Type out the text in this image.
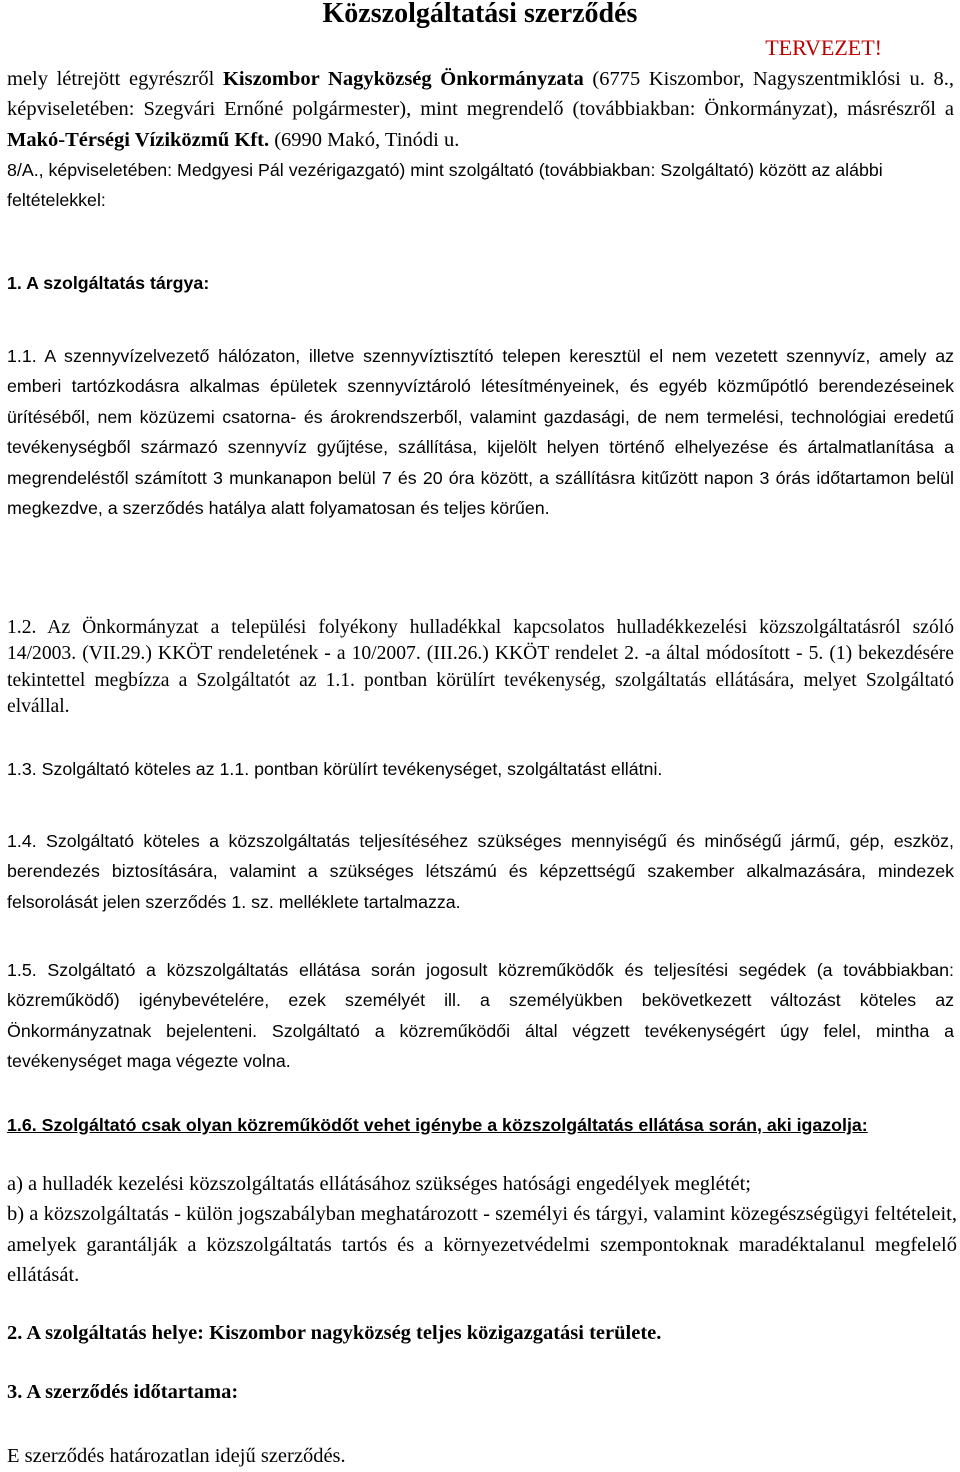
Közszolgáltatási szerződés
TERVEZET!
mely létrejött egyrészről Kiszombor Nagyközség Önkormányzata (6775 Kiszombor, Nagyszentmiklósi u. 8., képviseletében: Szegvári Ernőné polgármester), mint megrendelő (továbbiakban: Önkormányzat), másrészről a Makó-Térségi Víziközmű Kft. (6990 Makó, Tinódi u.
8/A., képviseletében: Medgyesi Pál vezérigazgató) mint szolgáltató (továbbiakban: Szolgáltató) között az alábbi feltételekkel:
1. A szolgáltatás tárgya:
1.1. A szennyvízelvezető hálózaton, illetve szennyvíztisztító telepen keresztül el nem vezetett szennyvíz, amely az emberi tartózkodásra alkalmas épületek szennyvíztároló létesítményeinek, és egyéb közműpótló berendezéseinek ürítéséből, nem közüzemi csatorna- és árokrendszerből, valamint gazdasági, de nem termelési, technológiai eredetű tevékenységből származó szennyvíz gyűjtése, szállítása, kijelölt helyen történő elhelyezése és ártalmatlanítása a megrendeléstől számított 3 munkanapon belül 7 és 20 óra között, a szállításra kitűzött napon 3 órás időtartamon belül megkezdve, a szerződés hatálya alatt folyamatosan és teljes körűen.
1.2. Az Önkormányzat a települési folyékony hulladékkal kapcsolatos hulladékkezelési közszolgáltatásról szóló 14/2003. (VII.29.) KKÖT rendeletének - a 10/2007. (III.26.) KKÖT rendelet 2. -a által módosított - 5. (1) bekezdésére tekintettel megbízza a Szolgáltatót az 1.1. pontban körülírt tevékenység, szolgáltatás ellátására, melyet Szolgáltató elvállal.
1.3. Szolgáltató köteles az 1.1. pontban körülírt tevékenységet, szolgáltatást ellátni.
1.4. Szolgáltató köteles a közszolgáltatás teljesítéséhez szükséges mennyiségű és minőségű jármű, gép, eszköz, berendezés biztosítására, valamint a szükséges létszámú és képzettségű szakember alkalmazására, mindezek felsorolását jelen szerződés 1. sz. melléklete tartalmazza.
1.5. Szolgáltató a közszolgáltatás ellátása során jogosult közreműködők és teljesítési segédek (a továbbiakban: közreműködő) igénybevételére, ezek személyét ill. a személyükben bekövetkezett változást köteles az Önkormányzatnak bejelenteni. Szolgáltató a közreműködői által végzett tevékenységért úgy felel, mintha a tevékenységet maga végezte volna.
1.6. Szolgáltató csak olyan közreműködőt vehet igénybe a közszolgáltatás ellátása során, aki igazolja:
a) a hulladék kezelési közszolgáltatás ellátásához szükséges hatósági engedélyek meglétét;
b) a közszolgáltatás - külön jogszabályban meghatározott - személyi és tárgyi, valamint közegészségügyi feltételeit, amelyek garantálják a közszolgáltatás tartós és a környezetvédelmi szempontoknak maradéktalanul megfelelő ellátását.
2. A szolgáltatás helye: Kiszombor nagyközség teljes közigazgatási területe.
3. A szerződés időtartama:
E szerződés határozatlan idejű szerződés.
